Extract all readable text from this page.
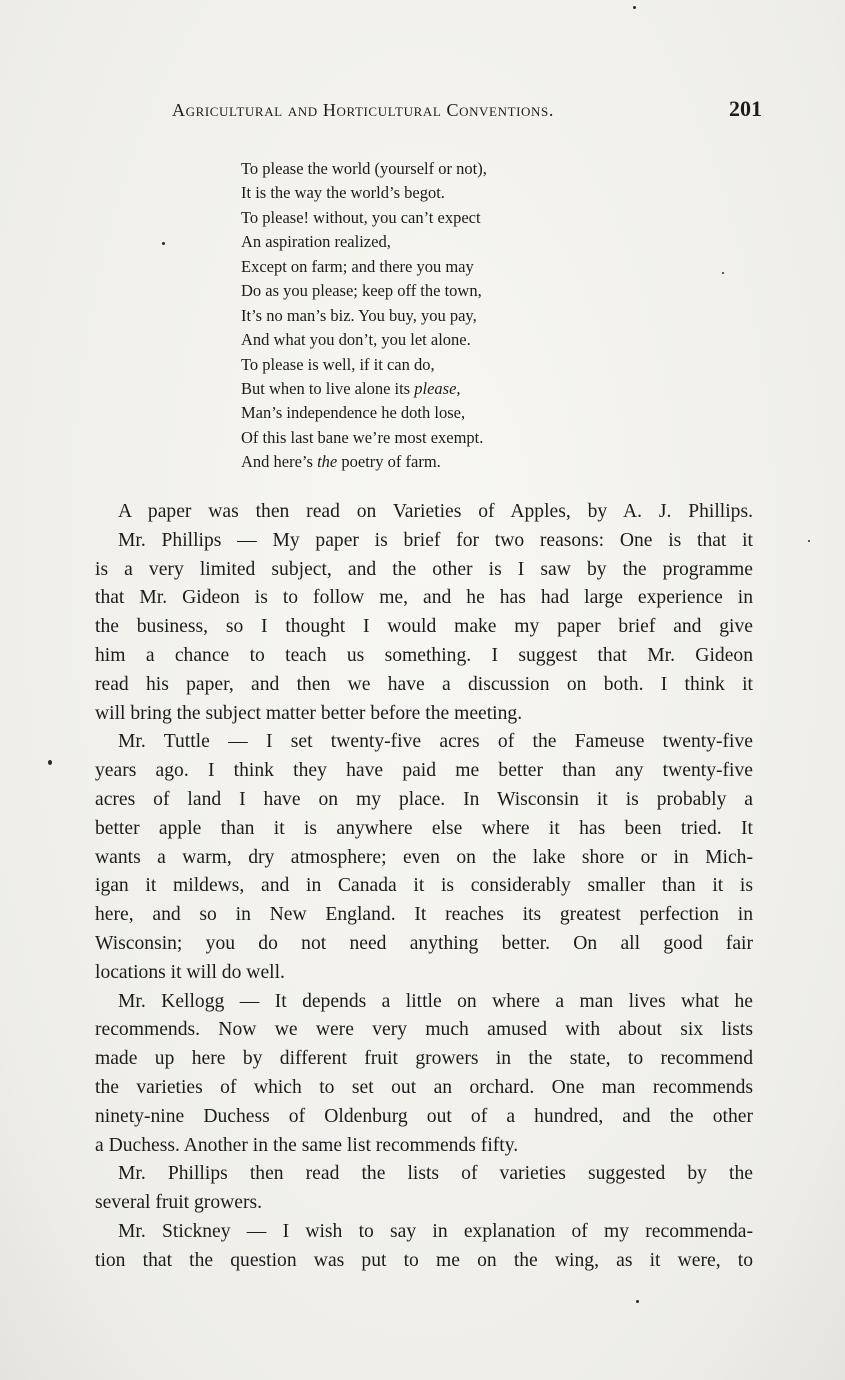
Agricultural and Horticultural Conventions.	201
To please the world (yourself or not),
It is the way the world’s begot.
To please! without, you can’t expect
An aspiration realized,
Except on farm; and there you may
Do as you please; keep off the town,
It’s no man’s biz. You buy, you pay,
And what you don’t, you let alone.
To please is well, if it can do,
But when to live alone its please,
Man’s independence he doth lose,
Of this last bane we’re most exempt.
And here’s the poetry of farm.
A paper was then read on Varieties of Apples, by A. J. Phillips.
Mr. Phillips — My paper is brief for two reasons: One is that it
is a very limited subject, and the other is I saw by the programme
that Mr. Gideon is to follow me, and he has had large experience in
the business, so I thought I would make my paper brief and give
him a chance to teach us something. I suggest that Mr. Gideon
read his paper, and then we have a discussion on both. I think it
will bring the subject matter better before the meeting.
Mr. Tuttle — I set twenty-five acres of the Fameuse twenty-five
years ago. I think they have paid me better than any twenty-five
acres of land I have on my place. In Wisconsin it is probably a
better apple than it is anywhere else where it has been tried. It
wants a warm, dry atmosphere; even on the lake shore or in Mich-
igan it mildews, and in Canada it is considerably smaller than it is
here, and so in New England. It reaches its greatest perfection in
Wisconsin; you do not need anything better. On all good fair
locations it will do well.
Mr. Kellogg — It depends a little on where a man lives what he
recommends. Now we were very much amused with about six lists
made up here by different fruit growers in the state, to recommend
the varieties of which to set out an orchard. One man recommends
ninety-nine Duchess of Oldenburg out of a hundred, and the other
a Duchess. Another in the same list recommends fifty.
Mr. Phillips then read the lists of varieties suggested by the
several fruit growers.
Mr. Stickney — I wish to say in explanation of my recommenda-
tion that the question was put to me on the wing, as it were, to
